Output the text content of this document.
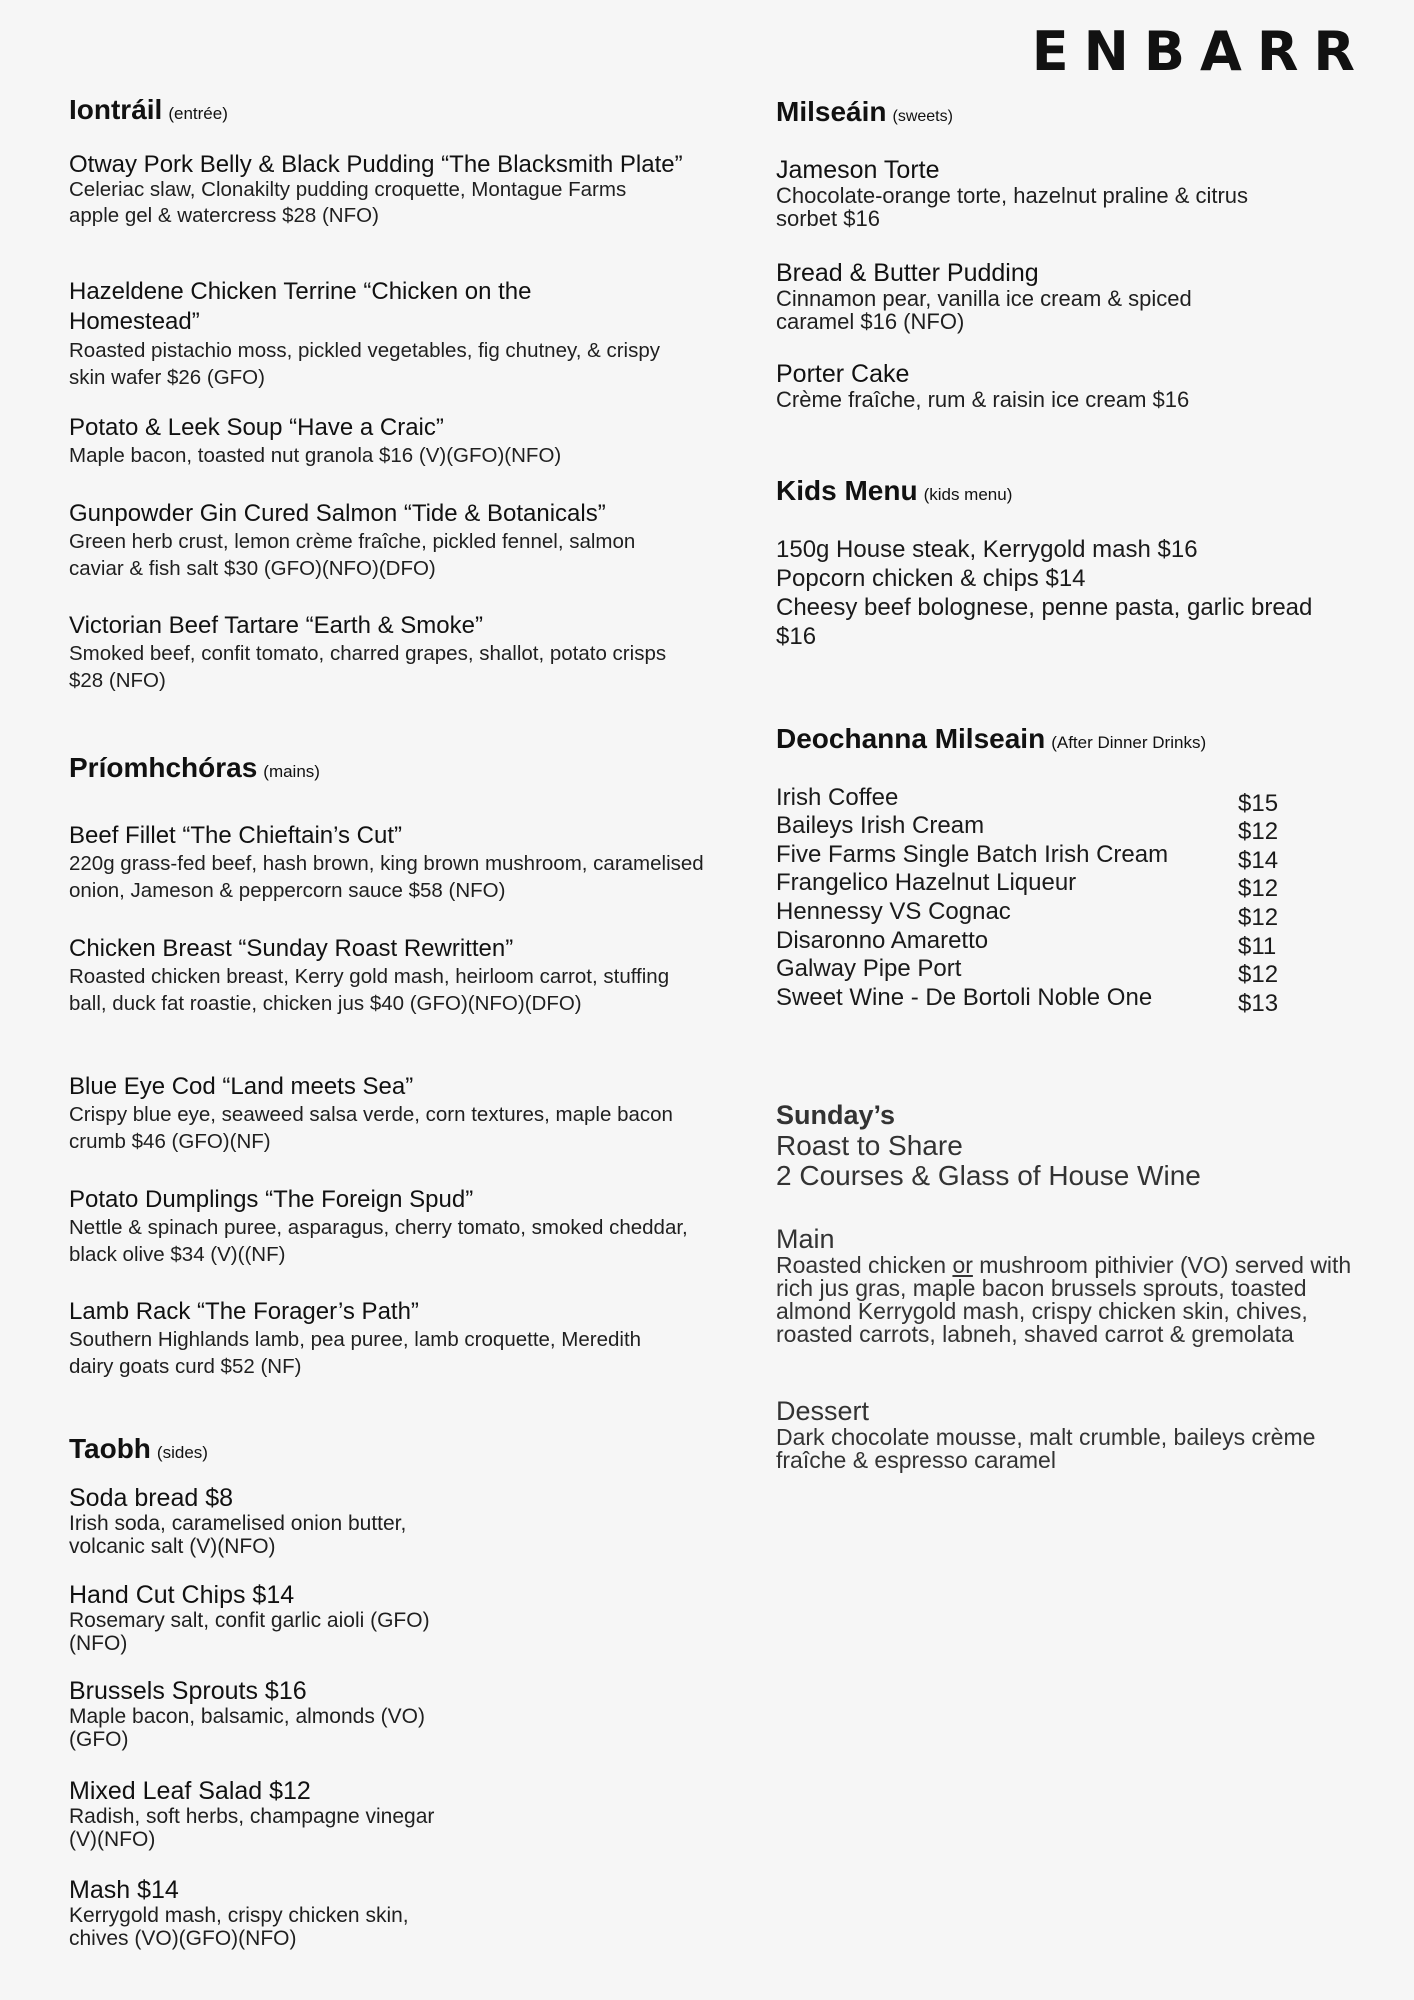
ENBARR
Iontráil (entrée)
Otway Pork Belly & Black Pudding “The Blacksmith Plate”
Celeriac slaw, Clonakilty pudding croquette, Montague Farms apple gel & watercress $28 (NFO)
Hazeldene Chicken Terrine “Chicken on the Homestead”
Roasted pistachio moss, pickled vegetables, fig chutney, & crispy skin wafer $26 (GFO)
Potato & Leek Soup “Have a Craic”
Maple bacon, toasted nut granola $16 (V)(GFO)(NFO)
Gunpowder Gin Cured Salmon “Tide & Botanicals”
Green herb crust, lemon crème fraîche, pickled fennel, salmon caviar & fish salt $30 (GFO)(NFO)(DFO)
Victorian Beef Tartare “Earth & Smoke”
Smoked beef, confit tomato, charred grapes, shallot, potato crisps $28 (NFO)
Príomhchóras (mains)
Beef Fillet “The Chieftain’s Cut”
220g grass-fed beef, hash brown, king brown mushroom, caramelised onion, Jameson & peppercorn sauce $58 (NFO)
Chicken Breast “Sunday Roast Rewritten”
Roasted chicken breast, Kerry gold mash, heirloom carrot, stuffing ball, duck fat roastie, chicken jus $40 (GFO)(NFO)(DFO)
Blue Eye Cod “Land meets Sea”
Crispy blue eye, seaweed salsa verde, corn textures, maple bacon crumb $46 (GFO)(NF)
Potato Dumplings “The Foreign Spud”
Nettle & spinach puree, asparagus, cherry tomato, smoked cheddar, black olive $34 (V)((NF)
Lamb Rack “The Forager’s Path”
Southern Highlands lamb, pea puree, lamb croquette, Meredith dairy goats curd $52 (NF)
Taobh (sides)
Soda bread $8
Irish soda, caramelised onion butter, volcanic salt (V)(NFO)
Hand Cut Chips $14
Rosemary salt, confit garlic aioli (GFO)(NFO)
Brussels Sprouts $16
Maple bacon, balsamic, almonds (VO)(GFO)
Mixed Leaf Salad $12
Radish, soft herbs, champagne vinegar (V)(NFO)
Mash $14
Kerrygold mash, crispy chicken skin, chives (VO)(GFO)(NFO)
Milseáin (sweets)
Jameson Torte
Chocolate-orange torte, hazelnut praline & citrus sorbet $16
Bread & Butter Pudding
Cinnamon pear, vanilla ice cream & spiced caramel $16 (NFO)
Porter Cake
Crème fraîche, rum & raisin ice cream $16
Kids Menu (kids menu)
150g House steak, Kerrygold mash $16
Popcorn chicken & chips $14
Cheesy beef bolognese, penne pasta, garlic bread $16
Deochanna Milseain (After Dinner Drinks)
Irish Coffee	$15
Baileys Irish Cream	$12
Five Farms Single Batch Irish Cream	$14
Frangelico Hazelnut Liqueur	$12
Hennessy VS Cognac	$12
Disaronno Amaretto	$11
Galway Pipe Port	$12
Sweet Wine - De Bortoli Noble One	$13
Sunday’s
Roast to Share
2 Courses & Glass of House Wine
Main
Roasted chicken or mushroom pithivier (VO) served with rich jus gras, maple bacon brussels sprouts, toasted almond Kerrygold mash, crispy chicken skin, chives, roasted carrots, labneh, shaved carrot & gremolata
Dessert
Dark chocolate mousse, malt crumble, baileys crème fraîche & espresso caramel
